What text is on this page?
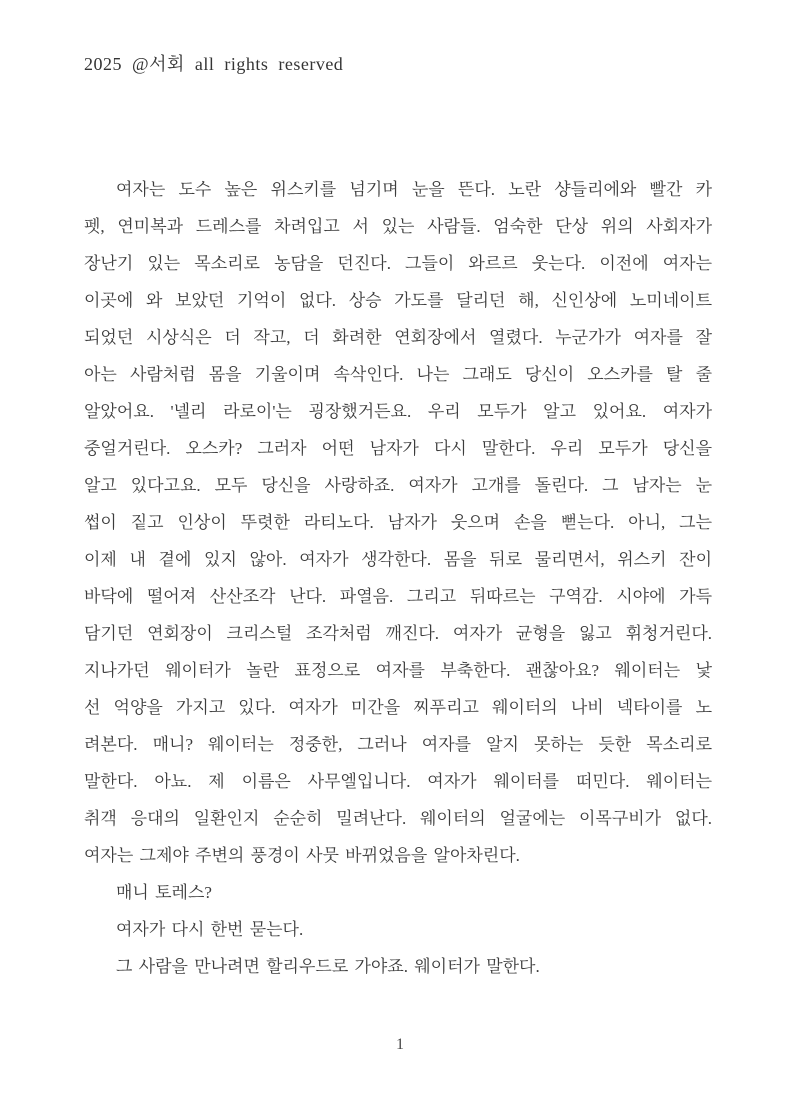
2025 @서회 all rights reserved
여자는 도수 높은 위스키를 넘기며 눈을 뜬다. 노란 샹들리에와 빨간 카
펫, 연미복과 드레스를 차려입고 서 있는 사람들. 엄숙한 단상 위의 사회자가
장난기 있는 목소리로 농담을 던진다. 그들이 와르르 웃는다. 이전에 여자는
이곳에 와 보았던 기억이 없다. 상승 가도를 달리던 해, 신인상에 노미네이트
되었던 시상식은 더 작고, 더 화려한 연회장에서 열렸다. 누군가가 여자를 잘
아는 사람처럼 몸을 기울이며 속삭인다. 나는 그래도 당신이 오스카를 탈 줄
알았어요. '넬리 라로이'는 굉장했거든요. 우리 모두가 알고 있어요. 여자가
중얼거린다. 오스카? 그러자 어떤 남자가 다시 말한다. 우리 모두가 당신을
알고 있다고요. 모두 당신을 사랑하죠. 여자가 고개를 돌린다. 그 남자는 눈
썹이 짙고 인상이 뚜렷한 라티노다. 남자가 웃으며 손을 뻗는다. 아니, 그는
이제 내 곁에 있지 않아. 여자가 생각한다. 몸을 뒤로 물리면서, 위스키 잔이
바닥에 떨어져 산산조각 난다. 파열음. 그리고 뒤따르는 구역감. 시야에 가득
담기던 연회장이 크리스털 조각처럼 깨진다. 여자가 균형을 잃고 휘청거린다.
지나가던 웨이터가 놀란 표정으로 여자를 부축한다. 괜찮아요? 웨이터는 낯
선 억양을 가지고 있다. 여자가 미간을 찌푸리고 웨이터의 나비 넥타이를 노
려본다. 매니? 웨이터는 정중한, 그러나 여자를 알지 못하는 듯한 목소리로
말한다. 아뇨. 제 이름은 사무엘입니다. 여자가 웨이터를 떠민다. 웨이터는
취객 응대의 일환인지 순순히 밀려난다. 웨이터의 얼굴에는 이목구비가 없다.
여자는 그제야 주변의 풍경이 사뭇 바뀌었음을 알아차린다.
매니 토레스?
여자가 다시 한번 묻는다.
그 사람을 만나려면 할리우드로 가야죠. 웨이터가 말한다.
1
